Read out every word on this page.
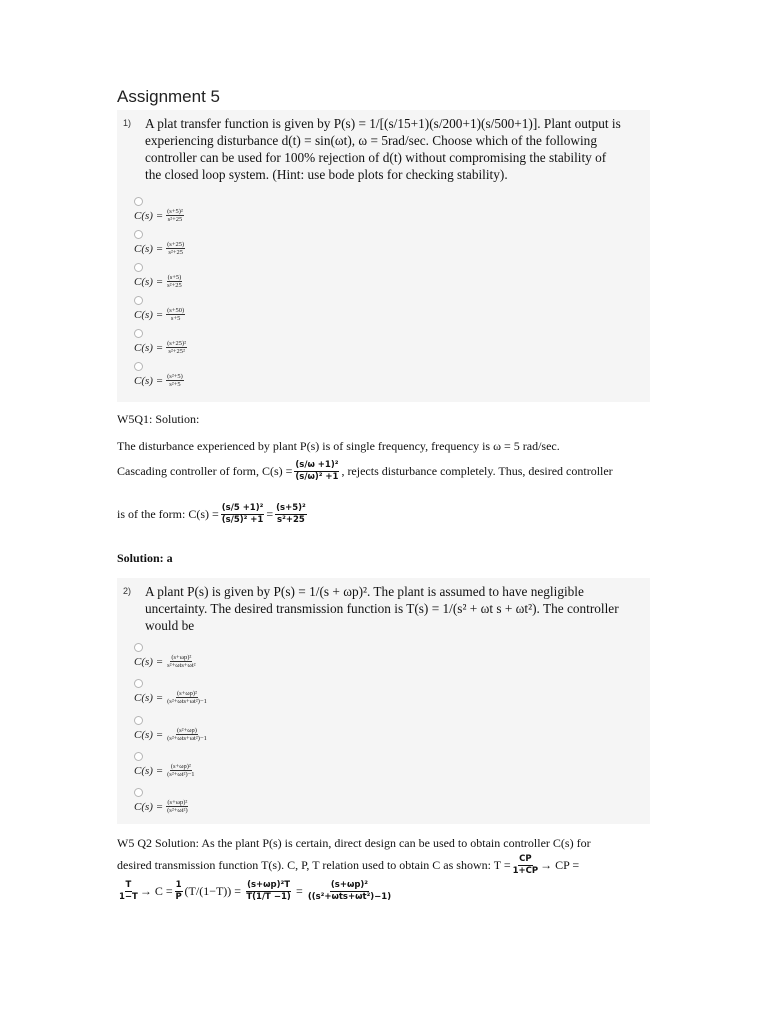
Assignment 5
1) A plat transfer function is given by P(s) = 1/[(s/15+1)(s/200+1)(s/500+1)]. Plant output is
experiencing disturbance d(t) = sin(ωt), ω = 5rad/sec. Choose which of the following
controller can be used for 100% rejection of d(t) without compromising the stability of
the closed loop system. (Hint: use bode plots for checking stability).
$C(s) = \frac{\text{(s+5)²}}{\text{s²+25}}$
$C(s) = \frac{(s+25)}{\text{s²+25}}$
$C(s) = \frac{(s+5)}{\text{s²+25}}$
$C(s) = \frac{(s+50)}{s+5}$
$C(s) = \frac{\text{(s+25)²}}{\text{s²+25²}}$
$C(s) = \frac{\text{(s²+5)}}{\text{s²+5}}$
W5Q1: Solution:
The disturbance experienced by plant P(s) is of single frequency, frequency is ω = 5 rad/sec.
Cascading controller of form, $C(s) = \frac{\text{(s/ω +1)²}}{\text{(s/ω)² +1}}$ , rejects disturbance completely. Thus, desired controller
is of the form: $C(s) = \frac{\text{(s/5 +1)²}}{\text{(s/5)² +1}} = \frac{\text{(s+5)²}}{\text{s²+25}}$
Solution: a
2) A plant P(s) is given by P(s) = 1/(s + ωp)². The plant is assumed to have negligible
uncertainty. The desired transmission function is T(s) = 1/(s² + ωt s + ωt²). The controller
would be
$C(s) = \frac{\text{(s+ωp)²}}{\text{s²+ωts+ωt²}}$
$C(s) = \frac{\text{(s+ωp)²}}{\text{(s²+ωts+ωt²)−1}}$
$C(s) = \frac{\text{(s²+ωp)}}{\text{(s²+ωts+ωt²)−1}}$
$C(s) = \frac{\text{(s+ωp)²}}{\text{(s²+ωt²)−1}}$
$C(s) = \frac{\text{(s+ωp)²}}{\text{(s²+ωt²)}}$
W5 Q2 Solution: As the plant P(s) is certain, direct design can be used to obtain controller C(s) for
desired transmission function T(s). C, P, T relation used to obtain C as shown: $T = \frac{CP}{1+CP}$ → CP =
$\frac{T}{1-T} \to C = \frac{1}{P} (T/(1-T)) = \frac{\text{(s+ωp)²T}}{T(1/T -1)}$ =	(s+ωp)²
((s²+ωts+ωt²)−1)
